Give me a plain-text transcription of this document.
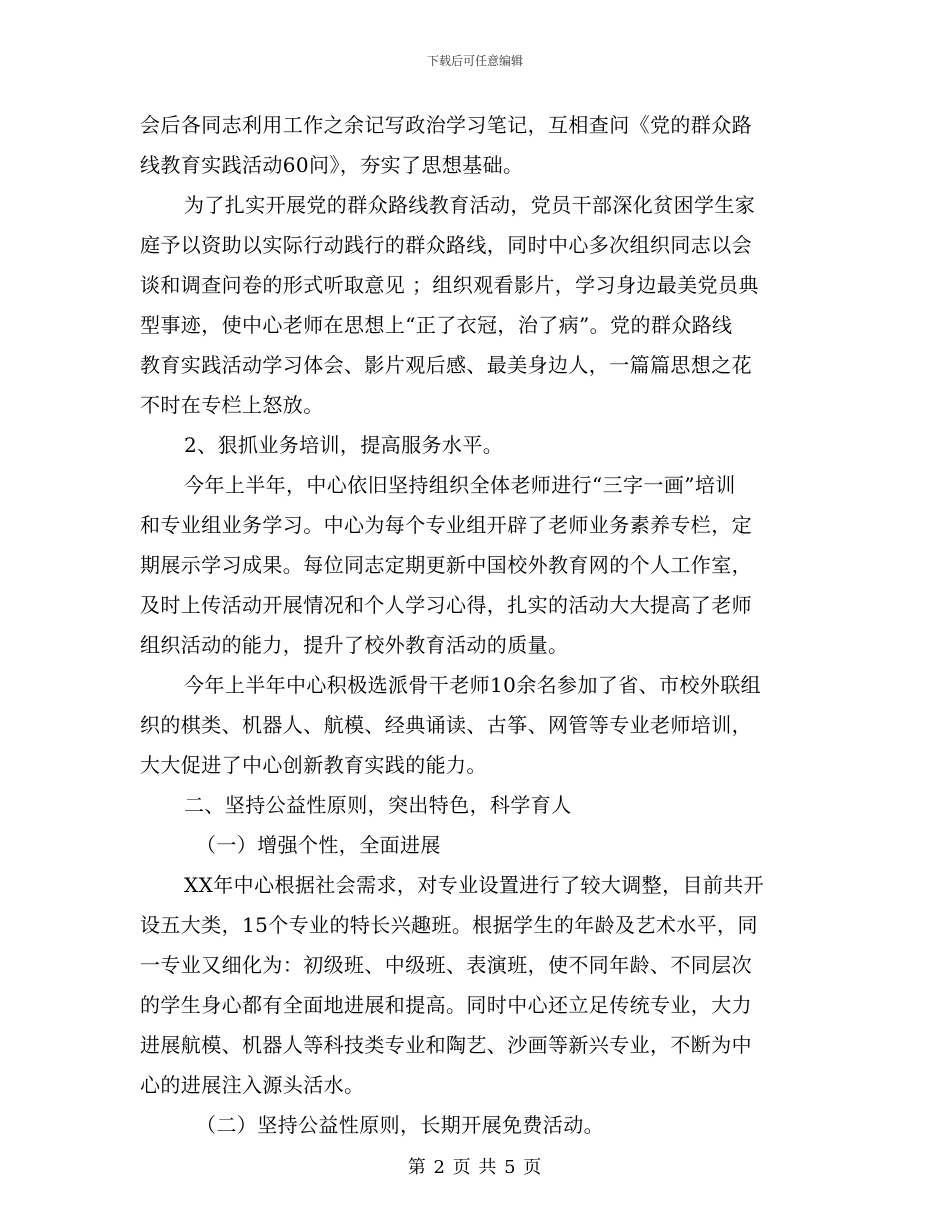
下载后可任意编辑
会后各同志利用工作之余记写政治学习笔记，互相查问《党的群众路
线教育实践活动60问》，夯实了思想基础。
为了扎实开展党的群众路线教育活动，党员干部深化贫困学生家
庭予以资助以实际行动践行的群众路线，同时中心多次组织同志以会
谈和调查问卷的形式听取意见 ；组织观看影片，学习身边最美党员典
型事迹，使中心老师在思想上“正了衣冠，治了病”。党的群众路线
教育实践活动学习体会、影片观后感、最美身边人，一篇篇思想之花
不时在专栏上怒放。
2、狠抓业务培训，提高服务水平。
今年上半年，中心依旧坚持组织全体老师进行“三字一画”培训
和专业组业务学习。中心为每个专业组开辟了老师业务素养专栏，定
期展示学习成果。每位同志定期更新中国校外教育网的个人工作室，
及时上传活动开展情况和个人学习心得，扎实的活动大大提高了老师
组织活动的能力，提升了校外教育活动的质量。
今年上半年中心积极选派骨干老师10余名参加了省、市校外联组
织的棋类、机器人、航模、经典诵读、古筝、网管等专业老师培训，
大大促进了中心创新教育实践的能力。
二、坚持公益性原则，突出特色，科学育人
（一）增强个性，全面进展
XX年中心根据社会需求，对专业设置进行了较大调整，目前共开
设五大类，15个专业的特长兴趣班。根据学生的年龄及艺术水平，同
一专业又细化为：初级班、中级班、表演班，使不同年龄、不同层次
的学生身心都有全面地进展和提高。同时中心还立足传统专业，大力
进展航模、机器人等科技类专业和陶艺、沙画等新兴专业，不断为中
心的进展注入源头活水。
（二）坚持公益性原则，长期开展免费活动。
第 2 页 共 5 页
